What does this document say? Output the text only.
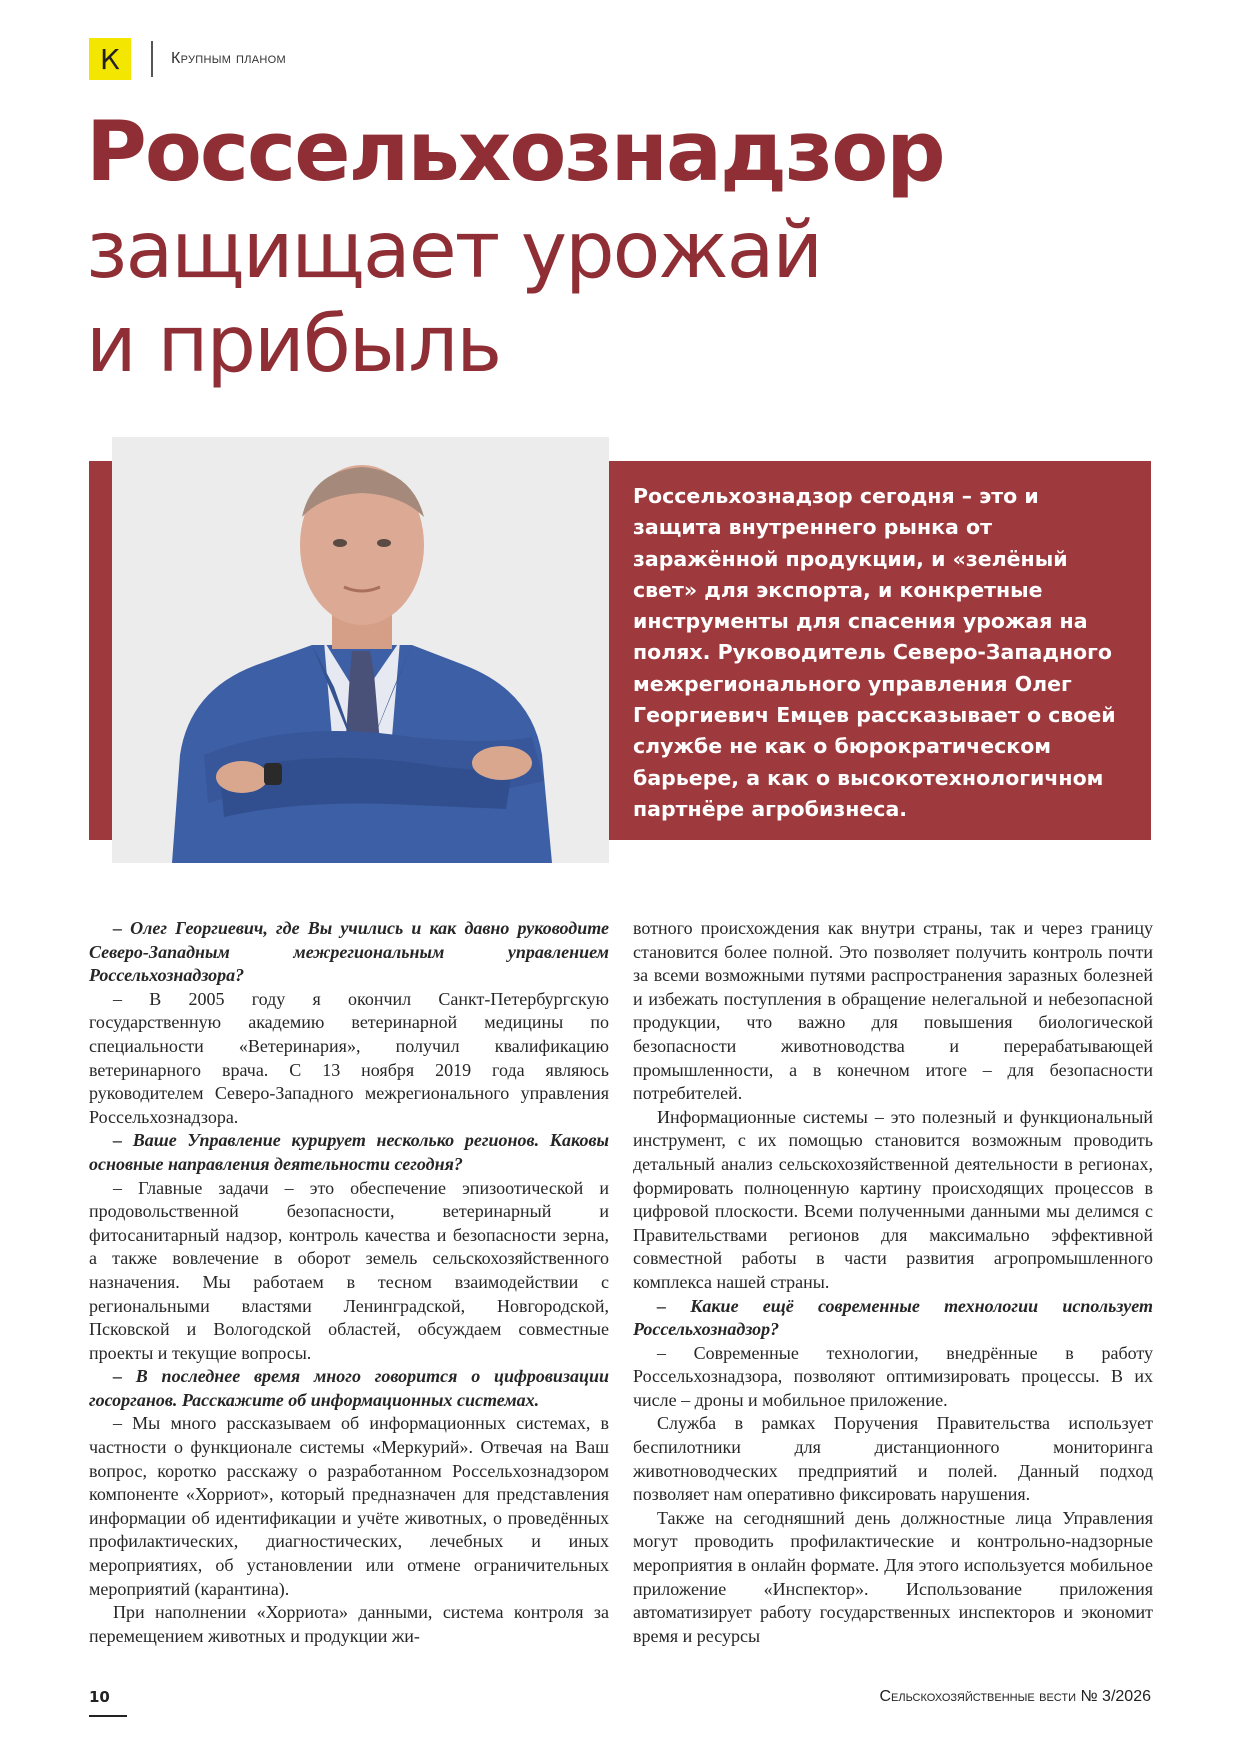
К	Крупным планом
Россельхознадзор
защищает урожай
и прибыль
Россельхознадзор сегодня – это и защита внутреннего рынка от заражённой продукции, и «зелёный свет» для экспорта, и конкретные инструменты для спасения урожая на полях. Руководитель Северо-Западного межрегионального управления Олег Георгиевич Емцев рассказывает о своей службе не как о бюрократическом барьере, а как о высокотехнологичном партнёре агробизнеса.

– Олег Георгиевич, где Вы учились и как давно руководите Северо-Западным межрегиональным управлением Россельхознадзора?

– В 2005 году я окончил Санкт-Петербургскую государственную академию ветеринарной медицины по специальности «Ветеринария», получил квалификацию ветеринарного врача. С 13 ноября 2019 года являюсь руководителем Северо-Западного межрегионального управления Россельхознадзора.

– Ваше Управление курирует несколько регионов. Каковы основные направления деятельности сегодня?

– Главные задачи – это обеспечение эпизоотической и продовольственной безопасности, ветеринарный и фитосанитарный надзор, контроль качества и безопасности зерна, а также вовлечение в оборот земель сельскохозяйственного назначения. Мы работаем в тесном взаимодействии с региональными властями Ленинградской, Новгородской, Псковской и Вологодской областей, обсуждаем совместные проекты и текущие вопросы.

– В последнее время много говорится о цифровизации госорганов. Расскажите об информационных системах.

– Мы много рассказываем об информационных системах, в частности о функционале системы «Меркурий». Отвечая на Ваш вопрос, коротко расскажу о разработанном Россельхознадзором компоненте «Хорриот», который предназначен для представления информации об идентификации и учёте животных, о проведённых профилактических, диагностических, лечебных и иных мероприятиях, об установлении или отмене ограничительных мероприятий (карантина).

При наполнении «Хорриота» данными, система контроля за перемещением животных и продукции жи-

вотного происхождения как внутри страны, так и через границу становится более полной. Это позволяет получить контроль почти за всеми возможными путями распространения заразных болезней и избежать поступления в обращение нелегальной и небезопасной продукции, что важно для повышения биологической безопасности животноводства и перерабатывающей промышленности, а в конечном итоге – для безопасности потребителей.

Информационные системы – это полезный и функциональный инструмент, с их помощью становится возможным проводить детальный анализ сельскохозяйственной деятельности в регионах, формировать полноценную картину происходящих процессов в цифровой плоскости. Всеми полученными данными мы делимся с Правительствами регионов для максимально эффективной совместной работы в части развития агропромышленного комплекса нашей страны.

– Какие ещё современные технологии использует Россельхознадзор?

– Современные технологии, внедрённые в работу Россельхознадзора, позволяют оптимизировать процессы. В их числе – дроны и мобильное приложение.

Служба в рамках Поручения Правительства использует беспилотники для дистанционного мониторинга животноводческих предприятий и полей. Данный подход позволяет нам оперативно фиксировать нарушения.

Также на сегодняшний день должностные лица Управления могут проводить профилактические и контрольно-надзорные мероприятия в онлайн формате. Для этого используется мобильное приложение «Инспектор». Использование приложения автоматизирует работу государственных инспекторов и экономит время и ресурсы

10	Сельскохозяйственные вести № 3/2026
